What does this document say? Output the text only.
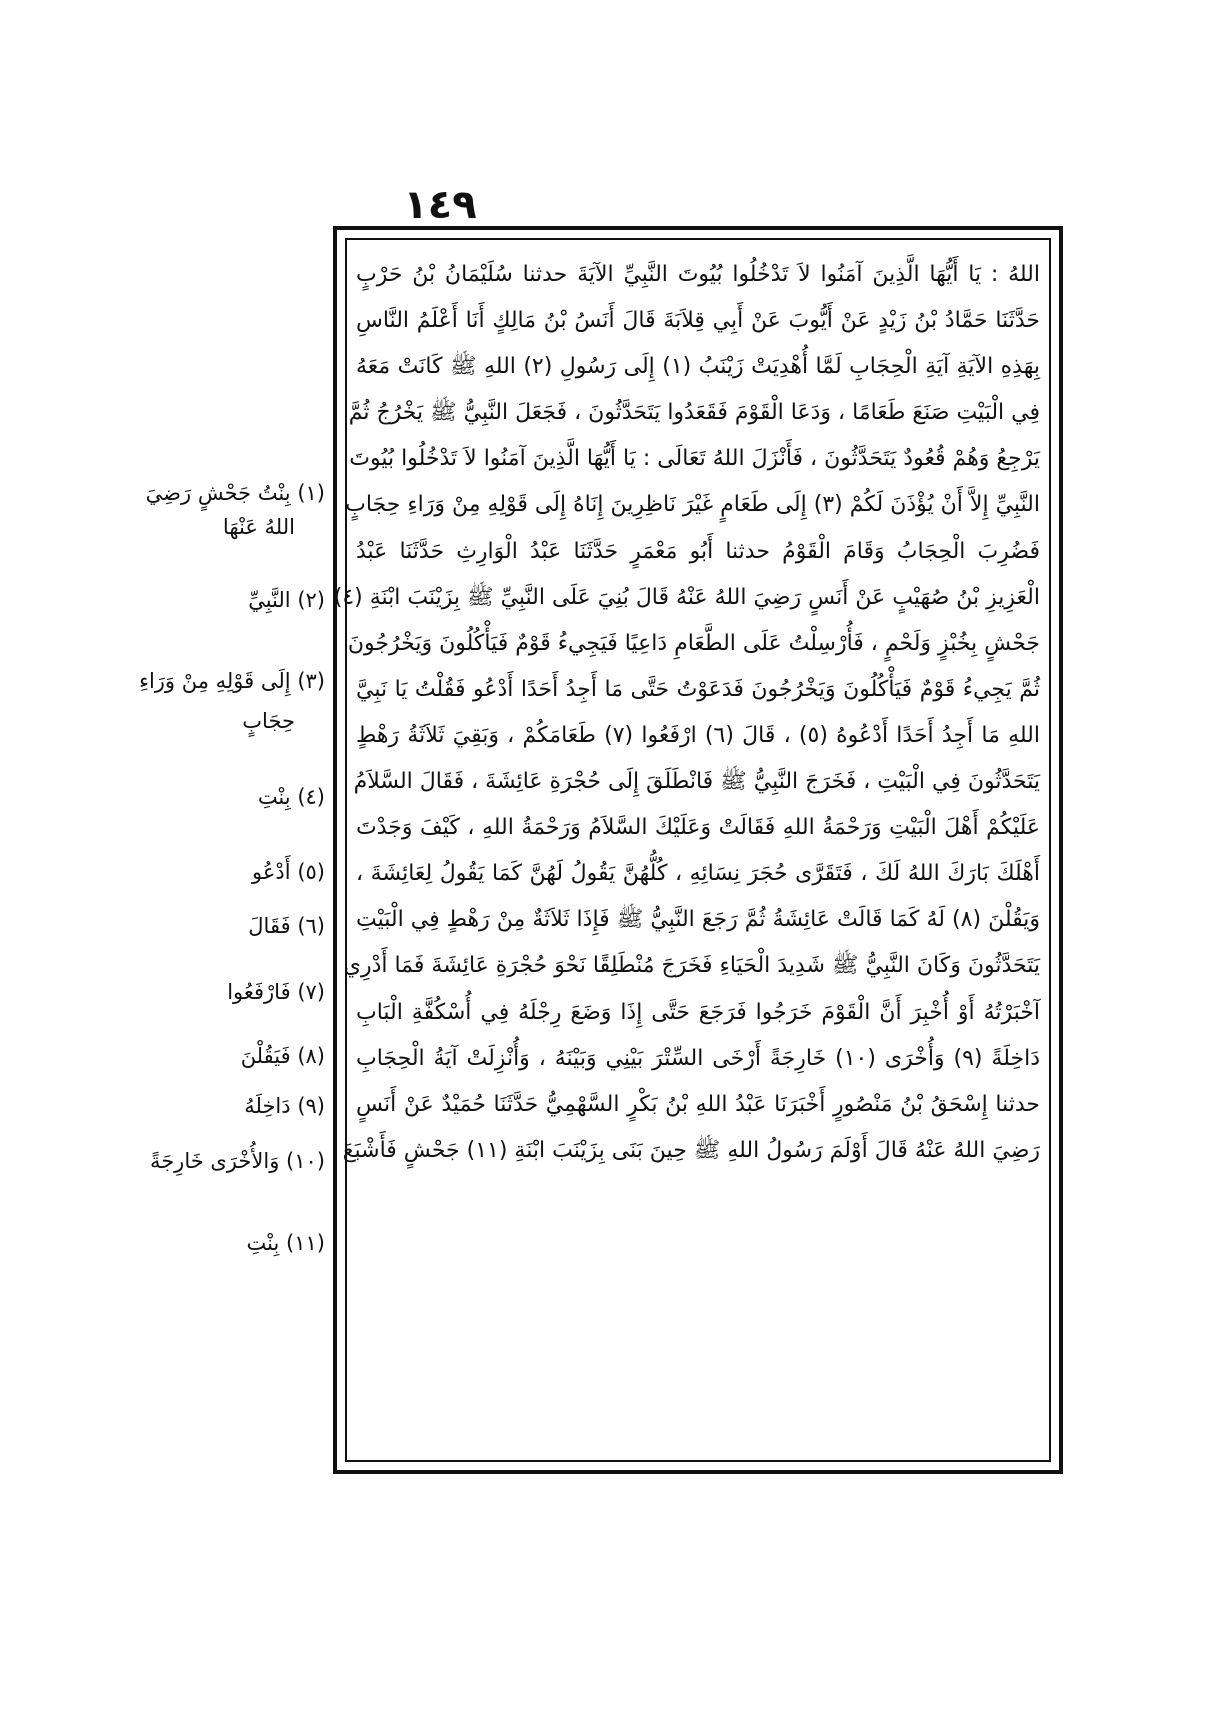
١٤٩
اللهُ : يَا أَيُّهَا الَّذِينَ آمَنُوا لاَ تَدْخُلُوا بُيُوتَ النَّبِيِّ الآيَةَ حدثنا سُلَيْمَانُ بْنُ حَرْبٍ
حَدَّثَنَا حَمَّادُ بْنُ زَيْدٍ عَنْ أَيُّوبَ عَنْ أَبِي قِلاَبَةَ قَالَ أَنَسُ بْنُ مَالِكٍ أَنَا أَعْلَمُ النَّاسِ
بِهَذِهِ الآيَةِ آيَةِ الْحِجَابِ لَمَّا أُهْدِيَتْ زَيْنَبُ (١) إِلَى رَسُولِ (٢) اللهِ ﷺ كَانَتْ مَعَهُ
فِي الْبَيْتِ صَنَعَ طَعَامًا ، وَدَعَا الْقَوْمَ فَقَعَدُوا يَتَحَدَّثُونَ ، فَجَعَلَ النَّبِيُّ ﷺ يَخْرُجُ ثُمَّ
يَرْجِعُ وَهُمْ قُعُودٌ يَتَحَدَّثُونَ ، فَأَنْزَلَ اللهُ تَعَالَى : يَا أَيُّهَا الَّذِينَ آمَنُوا لاَ تَدْخُلُوا بُيُوتَ
النَّبِيِّ إِلاَّ أَنْ يُؤْذَنَ لَكُمْ (٣) إِلَى طَعَامٍ غَيْرَ نَاظِرِينَ إِنَاهُ إِلَى قَوْلِهِ مِنْ وَرَاءِ حِجَابٍ
فَضُرِبَ الْحِجَابُ وَقَامَ الْقَوْمُ حدثنا أَبُو مَعْمَرٍ حَدَّثَنَا عَبْدُ الْوَارِثِ حَدَّثَنَا عَبْدُ
الْعَزِيزِ بْنُ صُهَيْبٍ عَنْ أَنَسٍ رَضِيَ اللهُ عَنْهُ قَالَ بُنِيَ عَلَى النَّبِيِّ ﷺ بِزَيْنَبَ ابْنَةِ (٤)
جَحْشٍ بِخُبْزٍ وَلَحْمٍ ، فَأُرْسِلْتُ عَلَى الطَّعَامِ دَاعِيًا فَيَجِيءُ قَوْمٌ فَيَأْكُلُونَ وَيَخْرُجُونَ
ثُمَّ يَجِيءُ قَوْمٌ فَيَأْكُلُونَ وَيَخْرُجُونَ فَدَعَوْتُ حَتَّى مَا أَجِدُ أَحَدًا أَدْعُو فَقُلْتُ يَا نَبِيَّ
اللهِ مَا أَجِدُ أَحَدًا أَدْعُوهُ (٥) ، قَالَ (٦) ارْفَعُوا (٧) طَعَامَكُمْ ، وَبَقِيَ ثَلاَثَةُ رَهْطٍ
يَتَحَدَّثُونَ فِي الْبَيْتِ ، فَخَرَجَ النَّبِيُّ ﷺ فَانْطَلَقَ إِلَى حُجْرَةِ عَائِشَةَ ، فَقَالَ السَّلاَمُ
عَلَيْكُمْ أَهْلَ الْبَيْتِ وَرَحْمَةُ اللهِ فَقَالَتْ وَعَلَيْكَ السَّلاَمُ وَرَحْمَةُ اللهِ ، كَيْفَ وَجَدْتَ
أَهْلَكَ بَارَكَ اللهُ لَكَ ، فَتَقَرَّى حُجَرَ نِسَائِهِ ، كُلُّهُنَّ يَقُولُ لَهُنَّ كَمَا يَقُولُ لِعَائِشَةَ ،
وَيَقُلْنَ (٨) لَهُ كَمَا قَالَتْ عَائِشَةُ ثُمَّ رَجَعَ النَّبِيُّ ﷺ فَإِذَا ثَلاَثَةٌ مِنْ رَهْطٍ فِي الْبَيْتِ
يَتَحَدَّثُونَ وَكَانَ النَّبِيُّ ﷺ شَدِيدَ الْحَيَاءِ فَخَرَجَ مُنْطَلِقًا نَحْوَ حُجْرَةِ عَائِشَةَ فَمَا أَدْرِي
آخْبَرْتُهُ أَوْ أُخْبِرَ أَنَّ الْقَوْمَ خَرَجُوا فَرَجَعَ حَتَّى إِذَا وَضَعَ رِجْلَهُ فِي أُسْكُفَّةِ الْبَابِ
دَاخِلَةً (٩) وَأُخْرَى (١٠) خَارِجَةً أَرْخَى السِّتْرَ بَيْنِي وَبَيْنَهُ ، وَأُنْزِلَتْ آيَةُ الْحِجَابِ
حدثنا إِسْحَقُ بْنُ مَنْصُورٍ أَخْبَرَنَا عَبْدُ اللهِ بْنُ بَكْرٍ السَّهْمِيُّ حَدَّثَنَا حُمَيْدٌ عَنْ أَنَسٍ
رَضِيَ اللهُ عَنْهُ قَالَ أَوْلَمَ رَسُولُ اللهِ ﷺ حِينَ بَنَى بِزَيْنَبَ ابْنَةِ (١١) جَحْشٍ فَأَشْبَعَ
(١) بِنْتُ جَحْشٍ رَضِيَ
اللهُ عَنْهَا
(٢) النَّبِيِّ
(٣) إِلَى قَوْلِهِ مِنْ وَرَاءِ
حِجَابٍ
(٤) بِنْتِ
(٥) أَدْعُو
(٦) فَقَالَ
(٧) فَارْفَعُوا
(٨) فَيَقُلْنَ
(٩) دَاخِلَهُ
(١٠) وَالأُخْرَى خَارِجَةً
(١١) بِنْتِ
